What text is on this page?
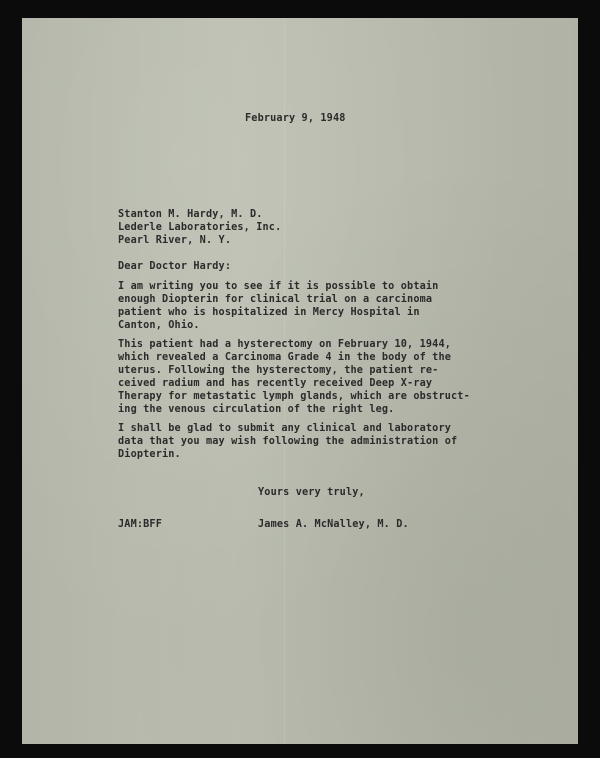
February 9, 1948

Stanton M. Hardy, M. D.

Lederle Laboratories, Inc.

Pearl River, N. Y.

Dear Doctor Hardy:

I am writing you to see if it is possible to obtain

enough Diopterin for clinical trial on a carcinoma

patient who is hospitalized in Mercy Hospital in

Canton, Ohio.

This patient had a hysterectomy on February 10, 1944,

which revealed a Carcinoma Grade 4 in the body of the

uterus. Following the hysterectomy, the patient re-

ceived radium and has recently received Deep X-ray

Therapy for metastatic lymph glands, which are obstruct-

ing the venous circulation of the right leg.

I shall be glad to submit any clinical and laboratory

data that you may wish following the administration of

Diopterin.

Yours very truly,

JAM:BFF	James A. McNalley, M. D.
